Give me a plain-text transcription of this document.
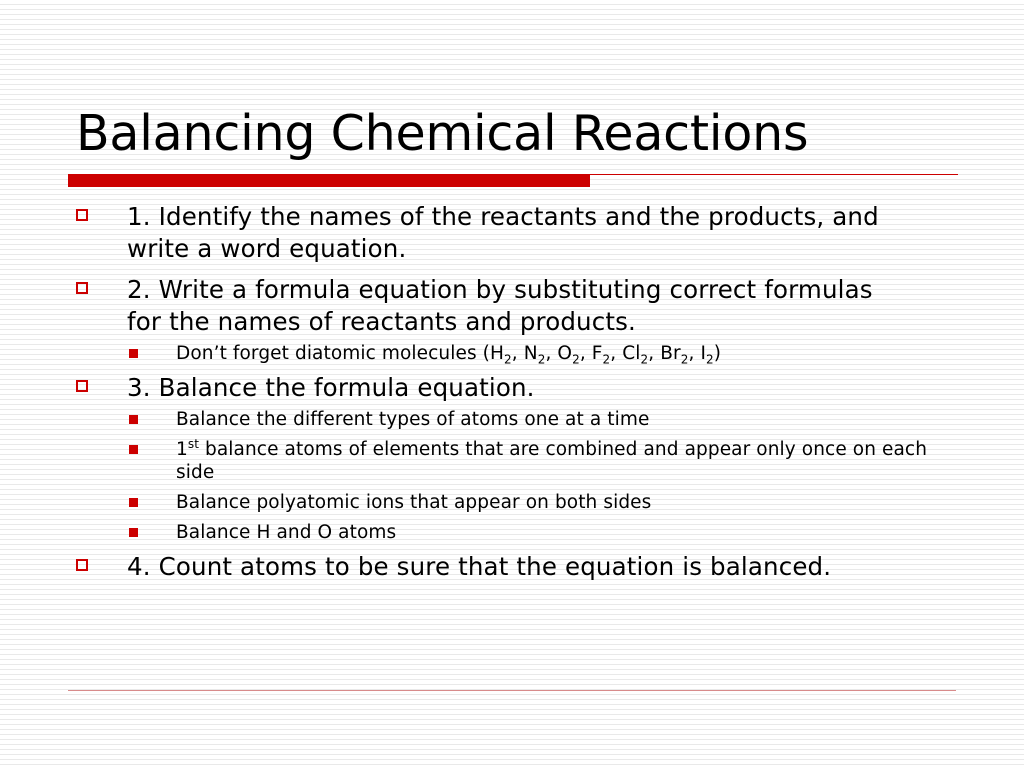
Balancing Chemical Reactions
1. Identify the names of the reactants and the products, and write a word equation.
2. Write a formula equation by substituting correct formulas for the names of reactants and products.
Don’t forget diatomic molecules ($H_2$, $N_2$, $O_2$, $F_2$, $Cl_2$, $Br_2$, $I_2$)
3. Balance the formula equation.
Balance the different types of atoms one at a time
1st balance atoms of elements that are combined and appear only once on each side
Balance polyatomic ions that appear on both sides
Balance H and O atoms
4. Count atoms to be sure that the equation is balanced.
